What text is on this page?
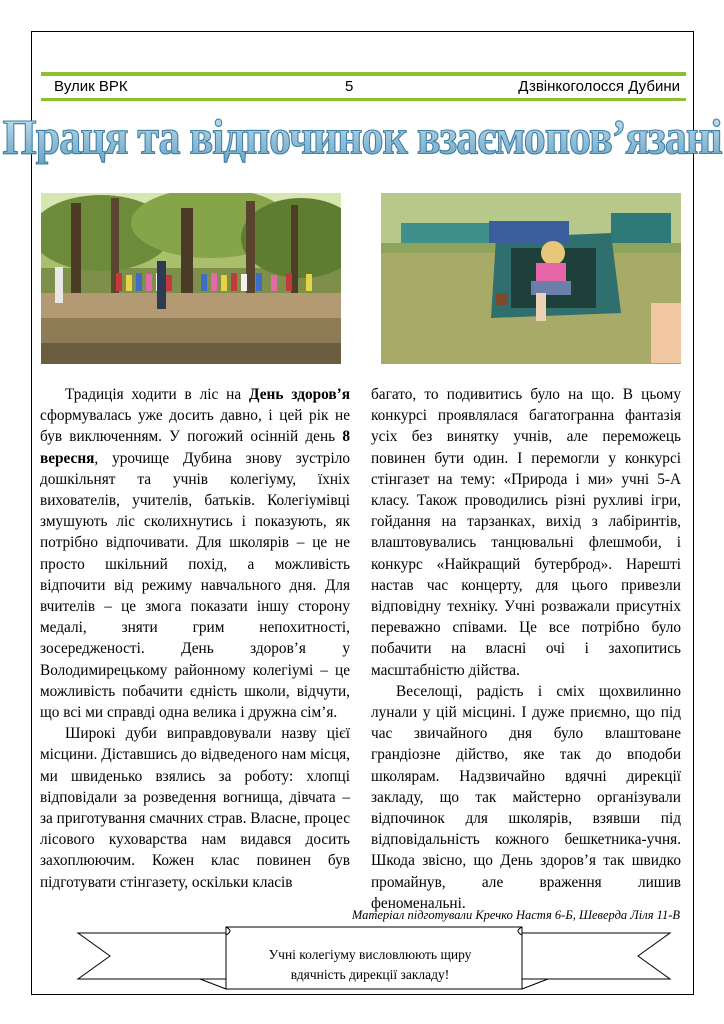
Вулик ВРК	5	Дзвінкоголосся Дубини
Праця та відпочинок взаємопов’язані

Традиція ходити в ліс на День здоров’я сформувалась уже досить давно, і цей рік не був виключенням. У погожий осінній день 8 вересня, урочище Дубина знову зустріло дошкільнят та учнів колегіуму, їхніх вихователів, учителів, батьків. Колегіумівці змушують ліс сколихнутись і показують, як потрібно відпочивати. Для школярів – це не просто шкільний похід, а можливість відпочити від режиму навчального дня. Для вчителів – це змога показати іншу сторону медалі, зняти грим непохитності, зосередженості. День здоров’я у Володимирецькому районному колегіумі – це можливість побачити єдність школи, відчути, що всі ми справді одна велика і дружна сім’я.

Широкі дуби виправдовували назву цієї місцини. Діставшись до відведеного нам місця, ми швиденько взялись за роботу: хлопці відповідали за розведення вогнища, дівчата – за приготування смачних страв. Власне, процес лісового куховарства нам видався досить захоплюючим. Кожен клас повинен був підготувати стінгазету, оскільки класів

багато, то подивитись було на що. В цьому конкурсі проявлялася багатогранна фантазія усіх без винятку учнів, але переможець повинен бути один. І перемогли у конкурсі стінгазет на тему: «Природа і ми» учні 5-А класу. Також проводились різні рухливі ігри, гойдання на тарзанках, вихід з лабіринтів, влаштовувались танцювальні флешмоби, і конкурс «Найкращий бутерброд». Нарешті настав час концерту, для цього привезли відповідну техніку. Учні розважали присутніх переважно співами. Це все потрібно було побачити на власні очі і захопитись масштабністю дійства.

Веселощі, радість і сміх щохвилинно лунали у цій місцині. І дуже приємно, що під час звичайного дня було влаштоване грандіозне дійство, яке так до вподоби школярам. Надзвичайно вдячні дирекції закладу, що так майстерно організували відпочинок для школярів, взявши під відповідальність кожного бешкетника-учня. Шкода звісно, що День здоров’я так швидко промайнув, але враження лишив феноменальні.

Матеріал підготували Кречко Настя 6-Б, Шеверда Ліля 11-В
Учні колегіуму висловлюють щиру
вдячність дирекції закладу!
